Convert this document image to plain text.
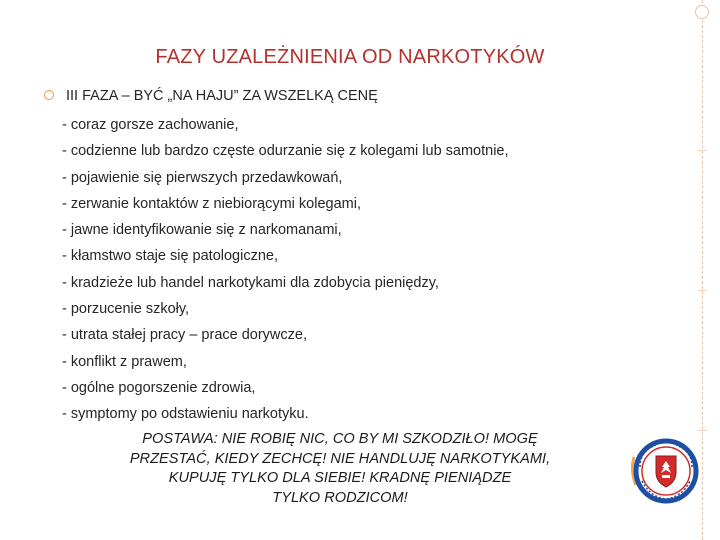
FAZY UZALEŻNIENIA OD NARKOTYKÓW
III FAZA – BYĆ „NA HAJU” ZA WSZELKĄ CENĘ
- coraz gorsze zachowanie,
- codzienne lub bardzo częste odurzanie się z kolegami lub samotnie,
- pojawienie się pierwszych przedawkowań,
- zerwanie kontaktów z niebiorącymi kolegami,
- jawne identyfikowanie się z narkomanami,
- kłamstwo staje się patologiczne,
- kradzieże lub handel narkotykami dla zdobycia pieniędzy,
- porzucenie szkoły,
- utrata stałej pracy – prace dorywcze,
- konflikt z prawem,
- ogólne pogorszenie zdrowia,
- symptomy po odstawieniu narkotyku.
POSTAWA: NIE ROBIĘ NIC, CO BY MI SZKODZIŁO! MOGĘ
PRZESTAĆ, KIEDY ZECHCĘ! NIE HANDLUJĘ NARKOTYKAMI,
KUPUJĘ TYLKO DLA SIEBIE! KRADNĘ PIENIĄDZE
TYLKO RODZICOM!
